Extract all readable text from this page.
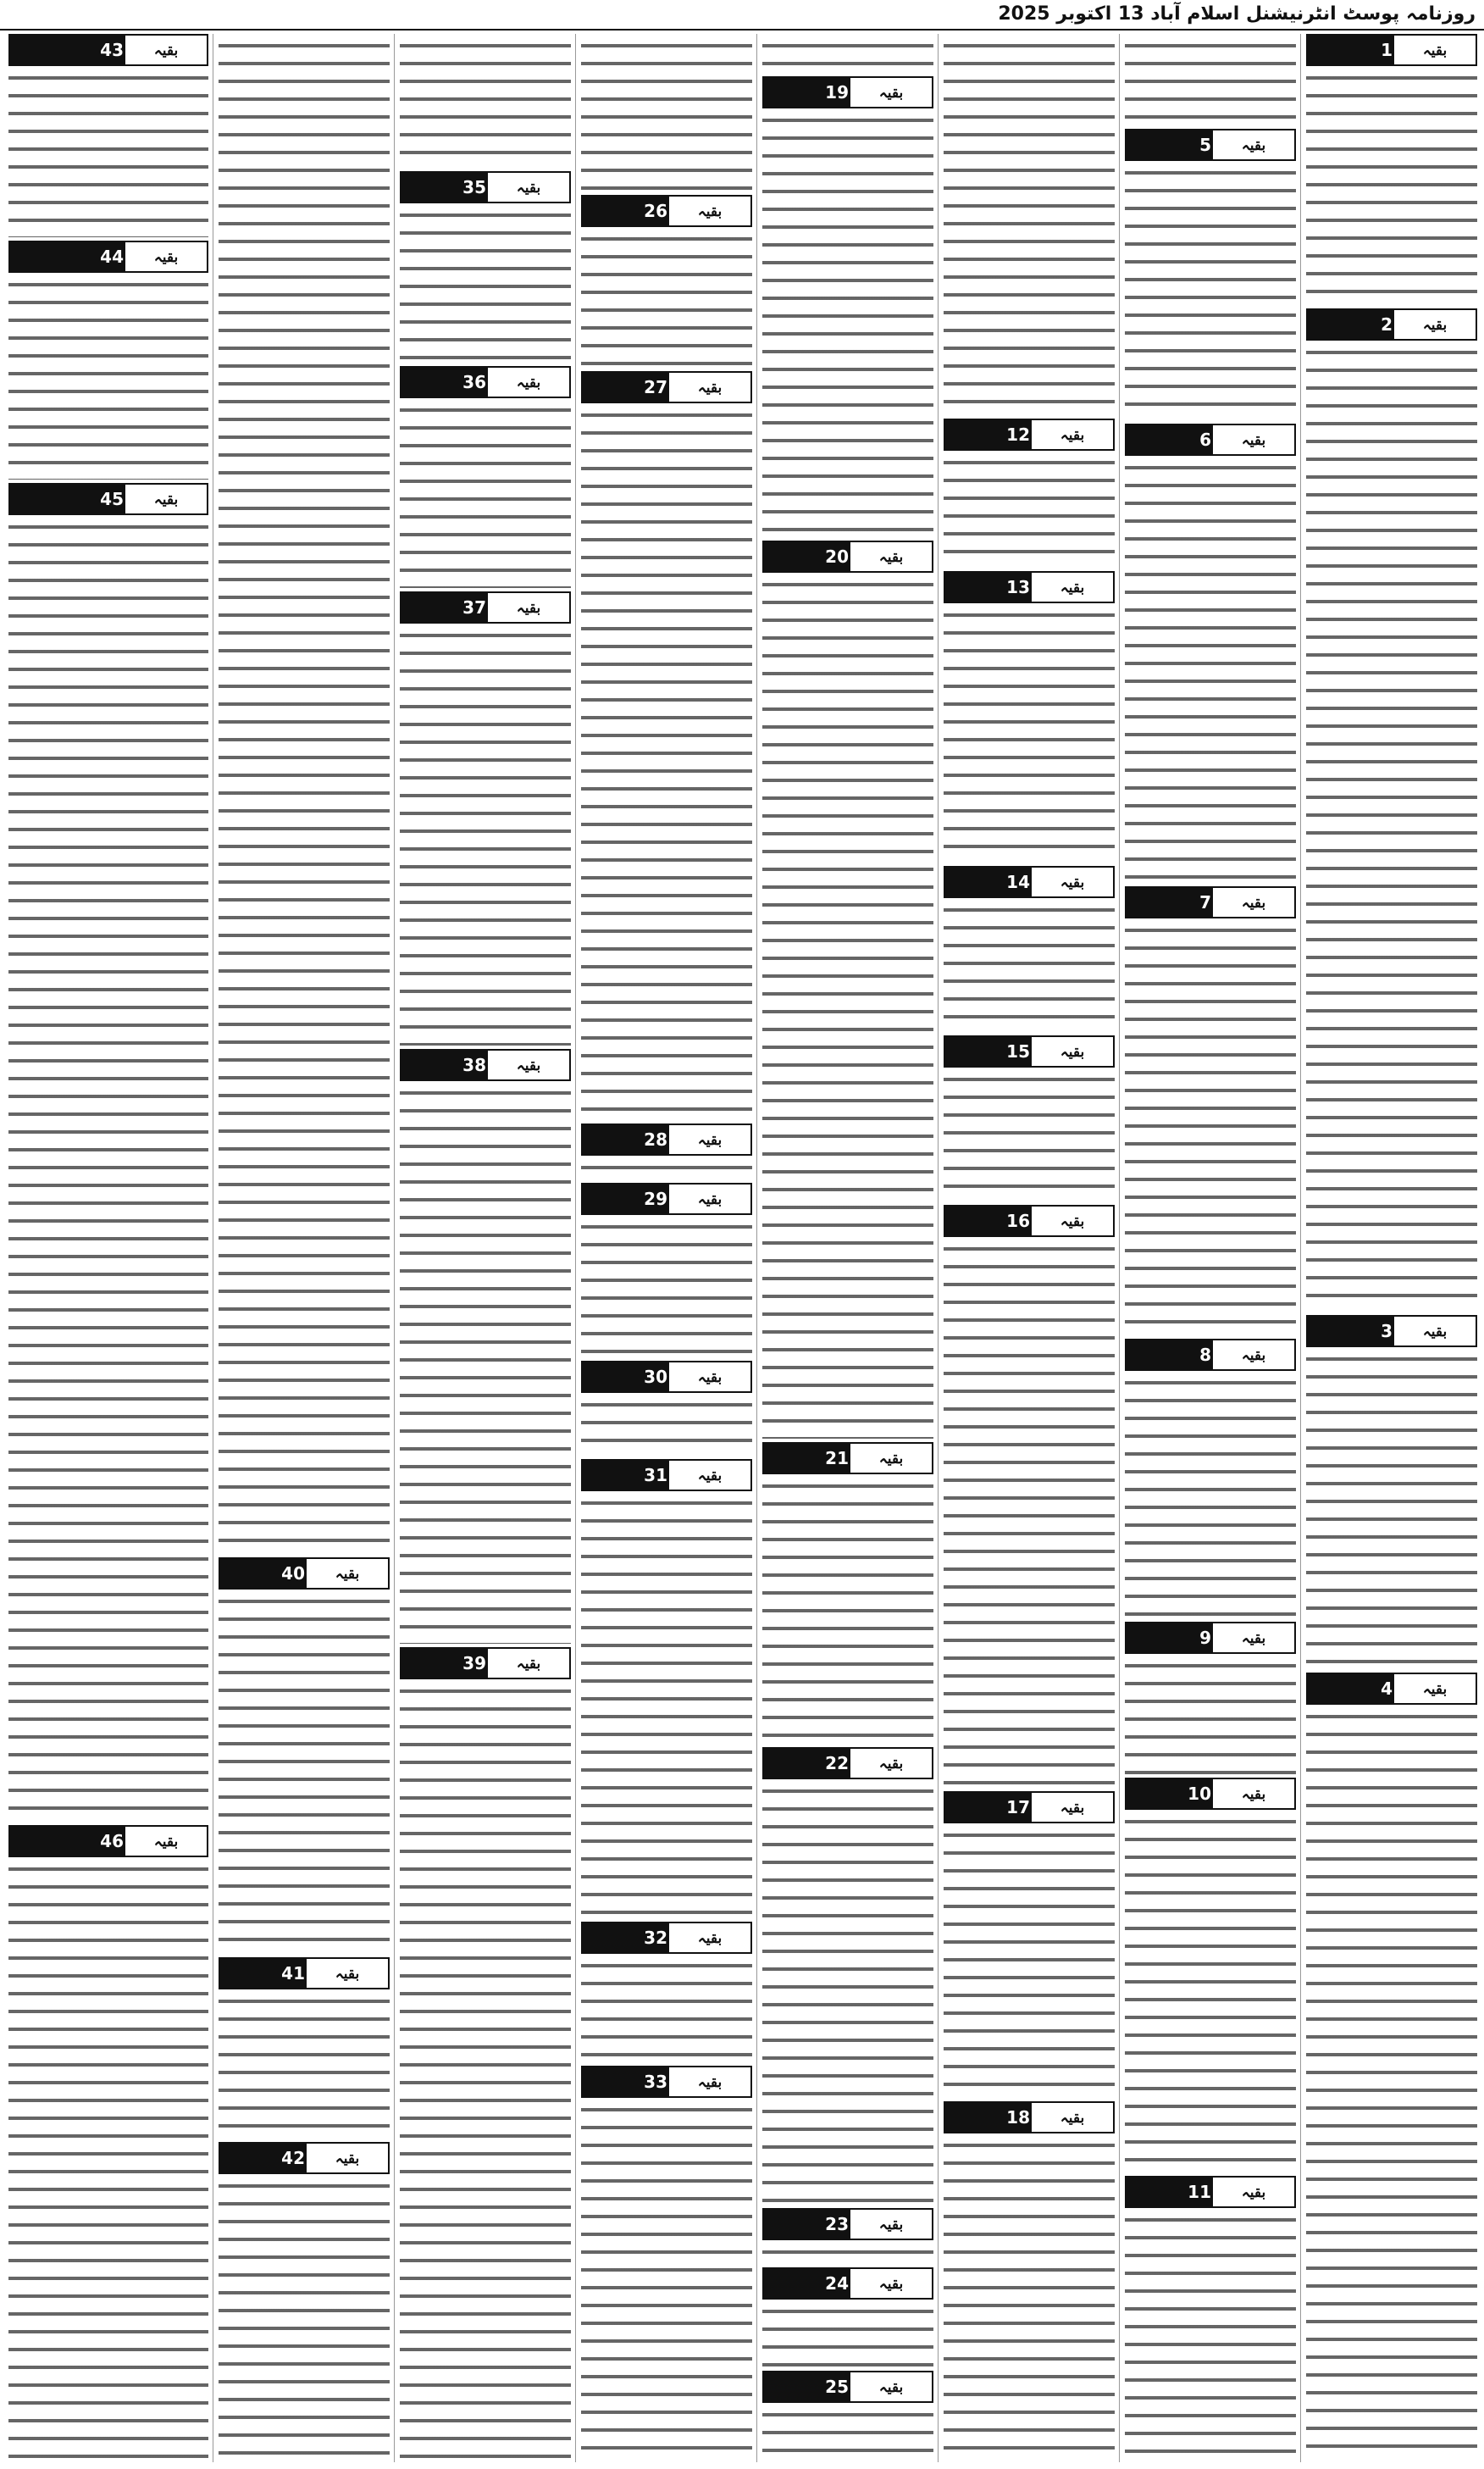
روزنامہ پوسٹ انٹرنیشنل اسلام آباد 13 اکتوبر 2025
بقیہ
1
بقیہ
2
بقیہ
3
بقیہ
4
بقیہ
5
بقیہ
6
بقیہ
7
بقیہ
8
بقیہ
9
بقیہ
10
بقیہ
11
بقیہ
12
بقیہ
13
بقیہ
14
بقیہ
15
بقیہ
16
بقیہ
17
بقیہ
18
بقیہ
19
بقیہ
20
بقیہ
21
بقیہ
22
بقیہ
23
بقیہ
24
بقیہ
25
بقیہ
26
بقیہ
27
بقیہ
28
بقیہ
29
بقیہ
30
بقیہ
31
بقیہ
32
بقیہ
33
بقیہ
35
بقیہ
36
بقیہ
37
بقیہ
38
بقیہ
39
بقیہ
40
بقیہ
41
بقیہ
42
بقیہ
43
بقیہ
44
بقیہ
45
بقیہ
46
